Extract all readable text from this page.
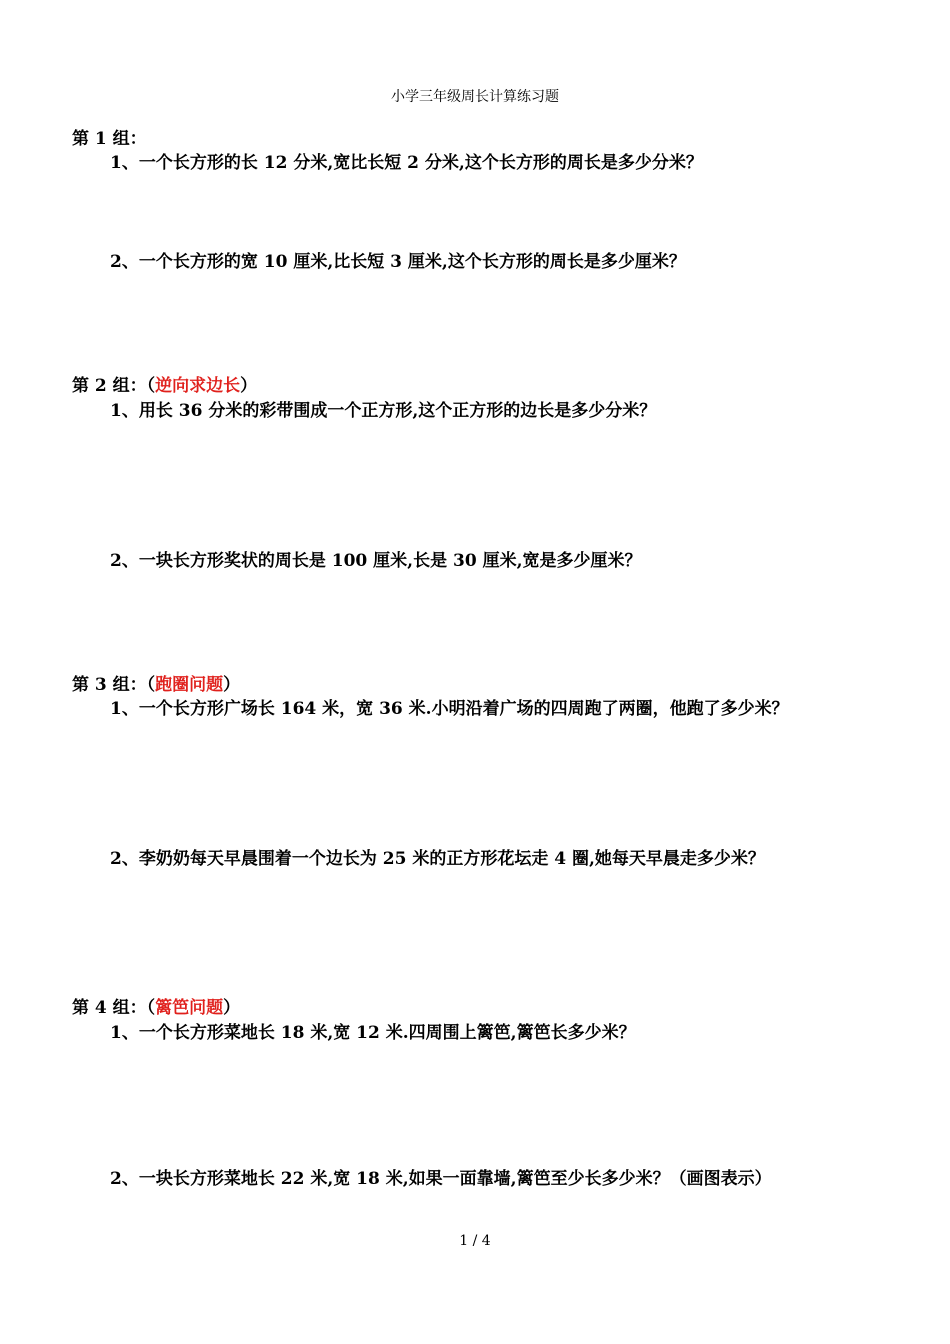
小学三年级周长计算练习题
第 1 组：
1、一个长方形的长 12 分米,宽比长短 2 分米,这个长方形的周长是多少分米？
2、一个长方形的宽 10 厘米,比长短 3 厘米,这个长方形的周长是多少厘米？
第 2 组：（逆向求边长）
1、用长 36 分米的彩带围成一个正方形,这个正方形的边长是多少分米？
2、一块长方形奖状的周长是 100 厘米,长是 30 厘米,宽是多少厘米？
第 3 组：（跑圈问题）
1、一个长方形广场长 164 米，宽 36 米.小明沿着广场的四周跑了两圈，他跑了多少米？
2、李奶奶每天早晨围着一个边长为 25 米的正方形花坛走 4 圈,她每天早晨走多少米？
第 4 组：（篱笆问题）
1、一个长方形菜地长 18 米,宽 12 米.四周围上篱笆,篱笆长多少米？
2、一块长方形菜地长 22 米,宽 18 米,如果一面靠墙,篱笆至少长多少米？（画图表示）
1 / 4
